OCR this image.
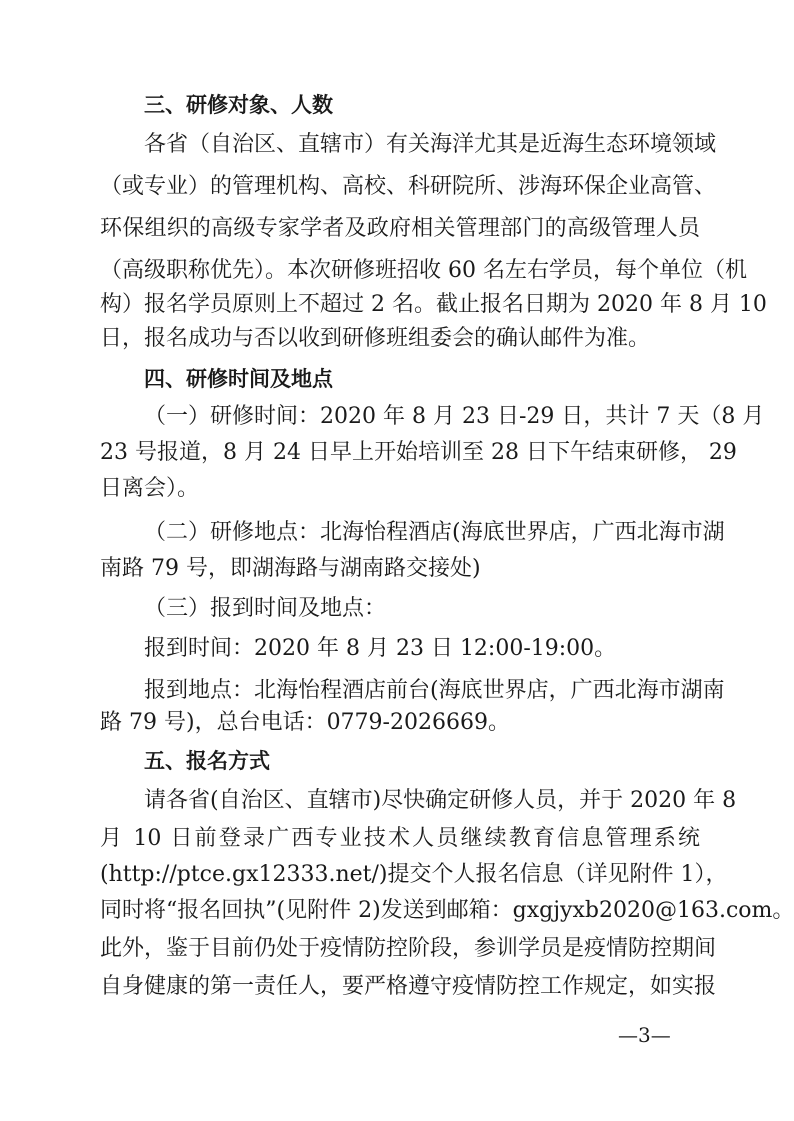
三、研修对象、人数
各省（自治区、直辖市）有关海洋尤其是近海生态环境领域
（或专业）的管理机构、高校、科研院所、涉海环保企业高管、
环保组织的高级专家学者及政府相关管理部门的高级管理人员
（高级职称优先）。本次研修班招收 60 名左右学员，每个单位（机
构）报名学员原则上不超过 2 名。截止报名日期为 2020 年 8 月 10
日，报名成功与否以收到研修班组委会的确认邮件为准。
四、研修时间及地点
（一）研修时间：2020 年 8 月 23 日-29 日，共计 7 天（8 月
23 号报道，8 月 24 日早上开始培训至 28 日下午结束研修， 29
日离会）。
（二）研修地点：北海怡程酒店(海底世界店，广西北海市湖
南路 79 号，即湖海路与湖南路交接处)
（三）报到时间及地点：
报到时间：2020 年 8 月 23 日 12:00-19:00。
报到地点：北海怡程酒店前台(海底世界店，广西北海市湖南
路 79 号)，总台电话：0779-2026669。
五、报名方式
请各省(自治区、直辖市)尽快确定研修人员，并于 2020 年 8
月 10 日前登录广西专业技术人员继续教育信息管理系统
(http://ptce.gx12333.net/)提交个人报名信息（详见附件 1），
同时将“报名回执”(见附件 2)发送到邮箱：gxgjyxb2020@163.com。
此外，鉴于目前仍处于疫情防控阶段，参训学员是疫情防控期间
自身健康的第一责任人，要严格遵守疫情防控工作规定，如实报
—3—
